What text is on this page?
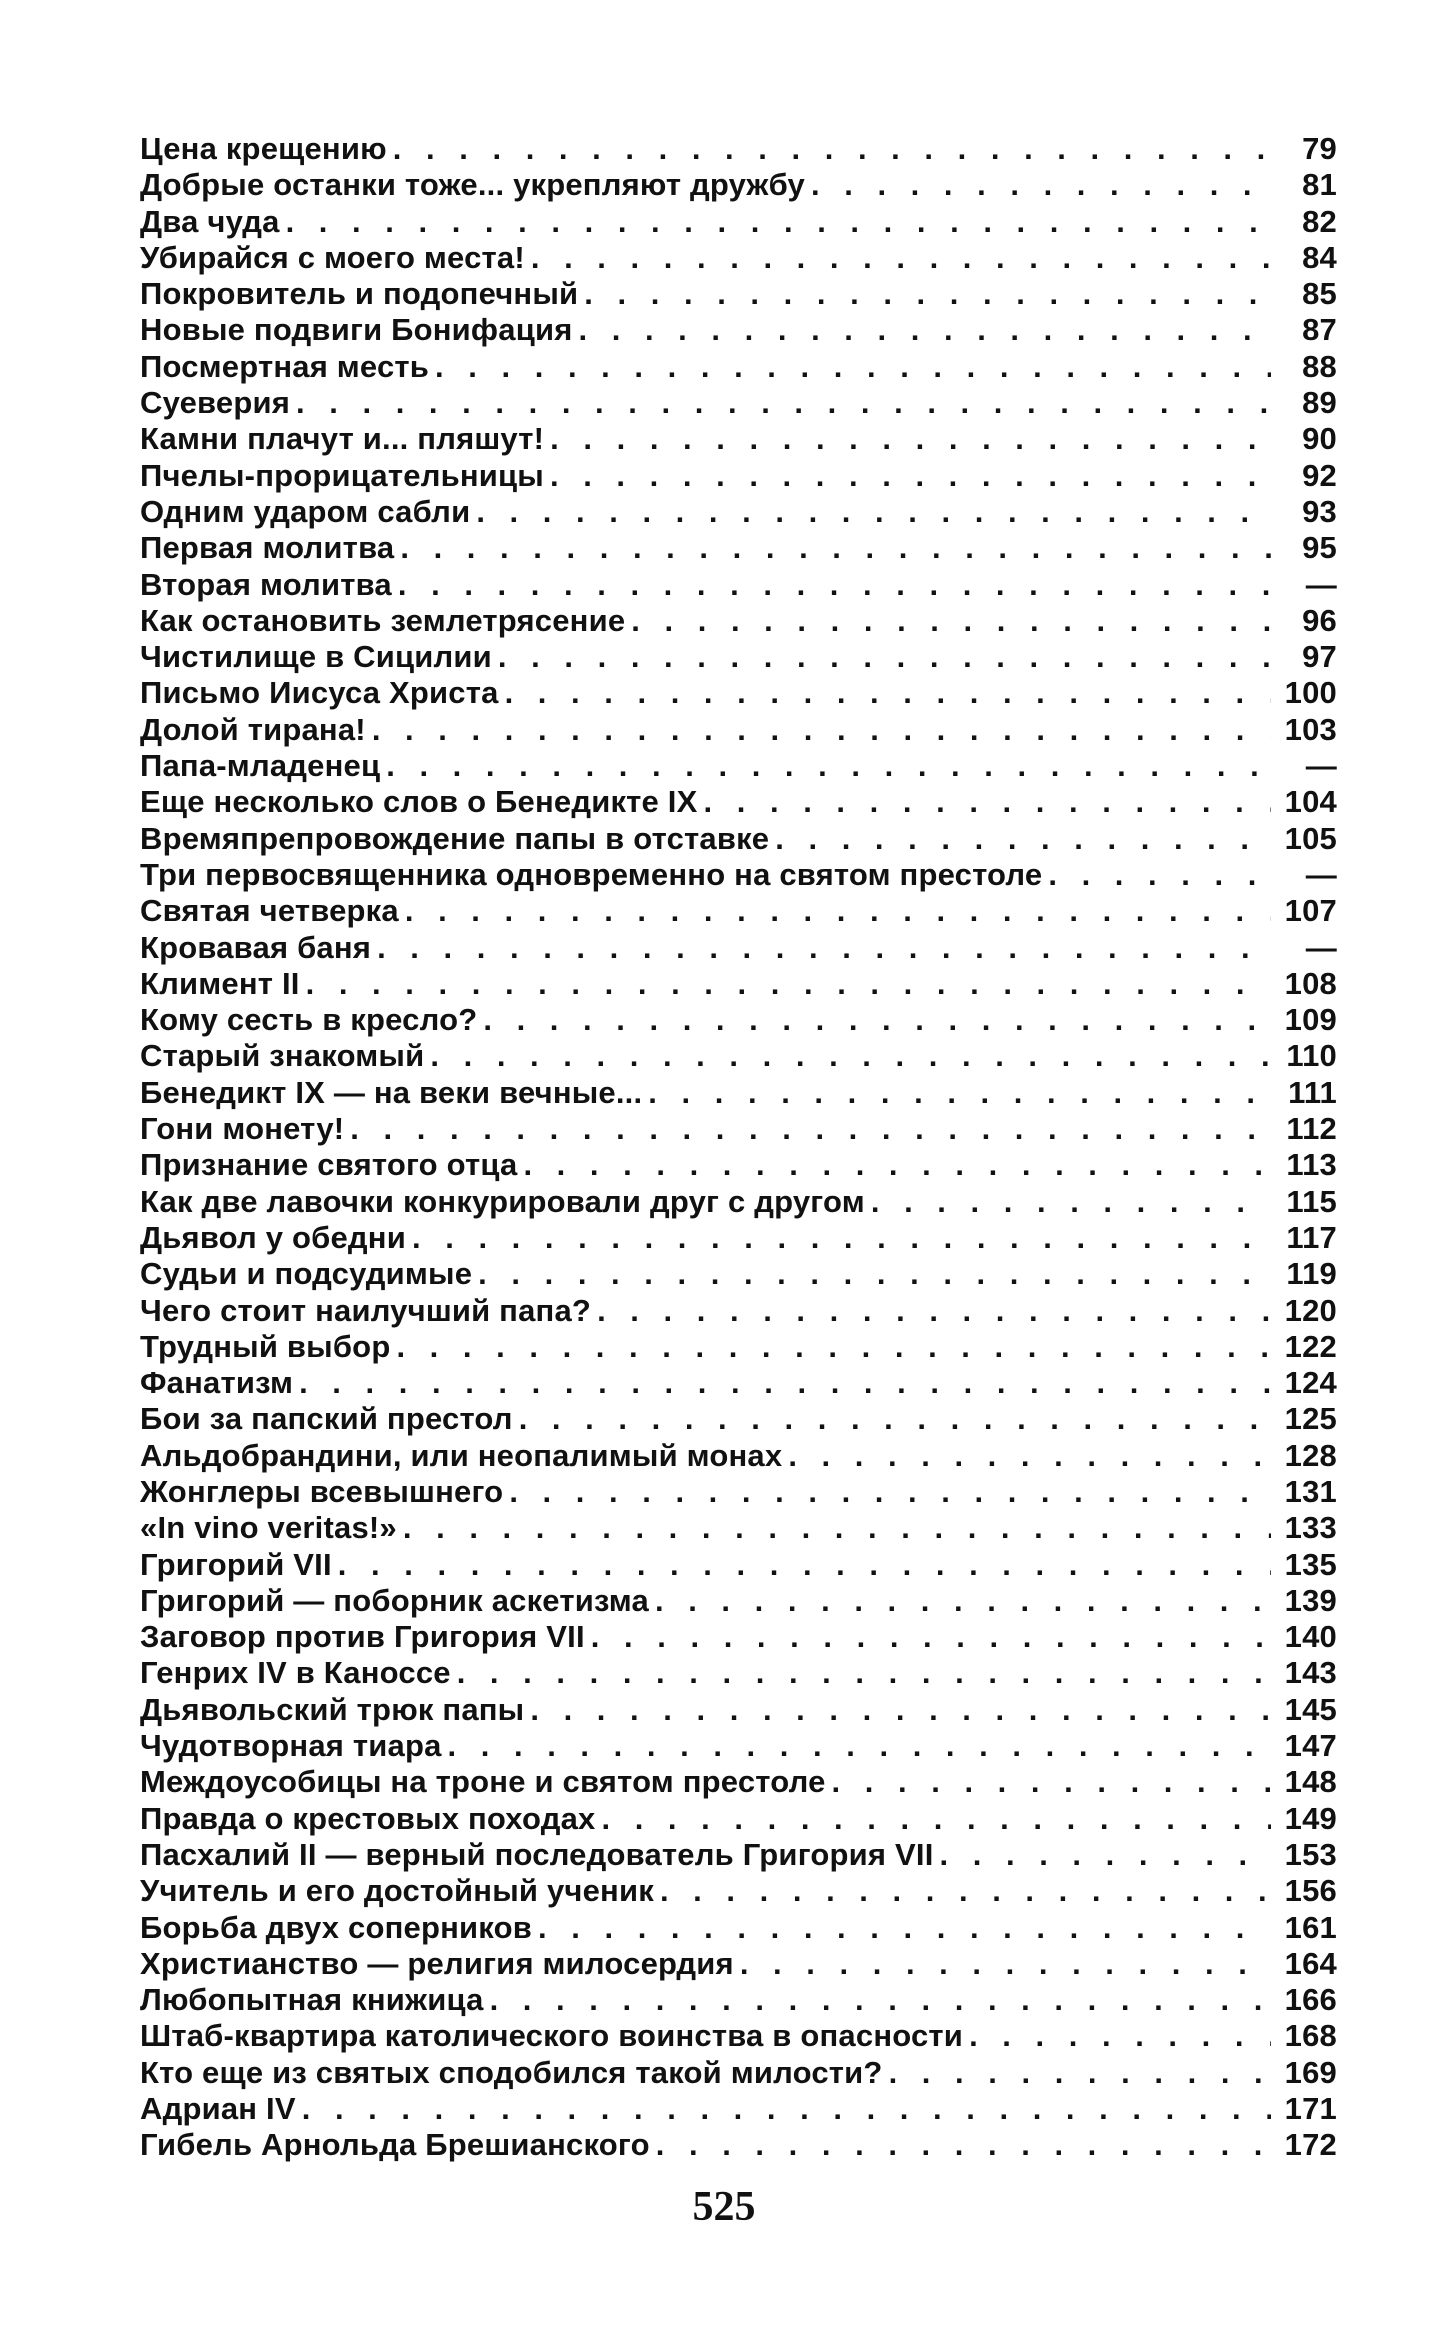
Цена крещению . . .	79
Добрые останки тоже... укрепляют дружбу . . .	81
Два чуда . . .	82
Убирайся с моего места! . . .	84
Покровитель и подопечный . . .	85
Новые подвиги Бонифация . . .	87
Посмертная месть . . .	88
Суеверия . . .	89
Камни плачут и... пляшут! . . .	90
Пчелы-прорицательницы . . .	92
Одним ударом сабли . . .	93
Первая молитва . . .	95
Вторая молитва . . .	—
Как остановить землетрясение . . .	96
Чистилище в Сицилии . . .	97
Письмо Иисуса Христа . . .	100
Долой тирана! . . .	103
Папа-младенец . . .	—
Еще несколько слов о Бенедикте IX . . .	104
Времяпрепровождение папы в отставке . . .	105
Три первосвященника одновременно на святом престоле . . .	—
Святая четверка . . .	107
Кровавая баня . . .	—
Климент II . . .	108
Кому сесть в кресло? . . .	109
Старый знакомый . . .	110
Бенедикт IX — на веки вечные... . . .	111
Гони монету! . . .	112
Признание святого отца . . .	113
Как две лавочки конкурировали друг с другом . . .	115
Дьявол у обедни . . .	117
Судьи и подсудимые . . .	119
Чего стоит наилучший папа? . . .	120
Трудный выбор . . .	122
Фанатизм . . .	124
Бои за папский престол . . .	125
Альдобрандини, или неопалимый монах . . .	128
Жонглеры всевышнего . . .	131
«In vino veritas!» . . .	133
Григорий VII . . .	135
Григорий — поборник аскетизма . . .	139
Заговор против Григория VII . . .	140
Генрих IV в Каноссе . . .	143
Дьявольский трюк папы . . .	145
Чудотворная тиара . . .	147
Междоусобицы на троне и святом престоле . . .	148
Правда о крестовых походах . . .	149
Пасхалий II — верный последователь Григория VII . . .	153
Учитель и его достойный ученик . . .	156
Борьба двух соперников . . .	161
Христианство — религия милосердия . . .	164
Любопытная книжица . . .	166
Штаб-квартира католического воинства в опасности . . .	168
Кто еще из святых сподобился такой милости? . . .	169
Адриан IV . . .	171
Гибель Арнольда Брешианского . . .	172
525
